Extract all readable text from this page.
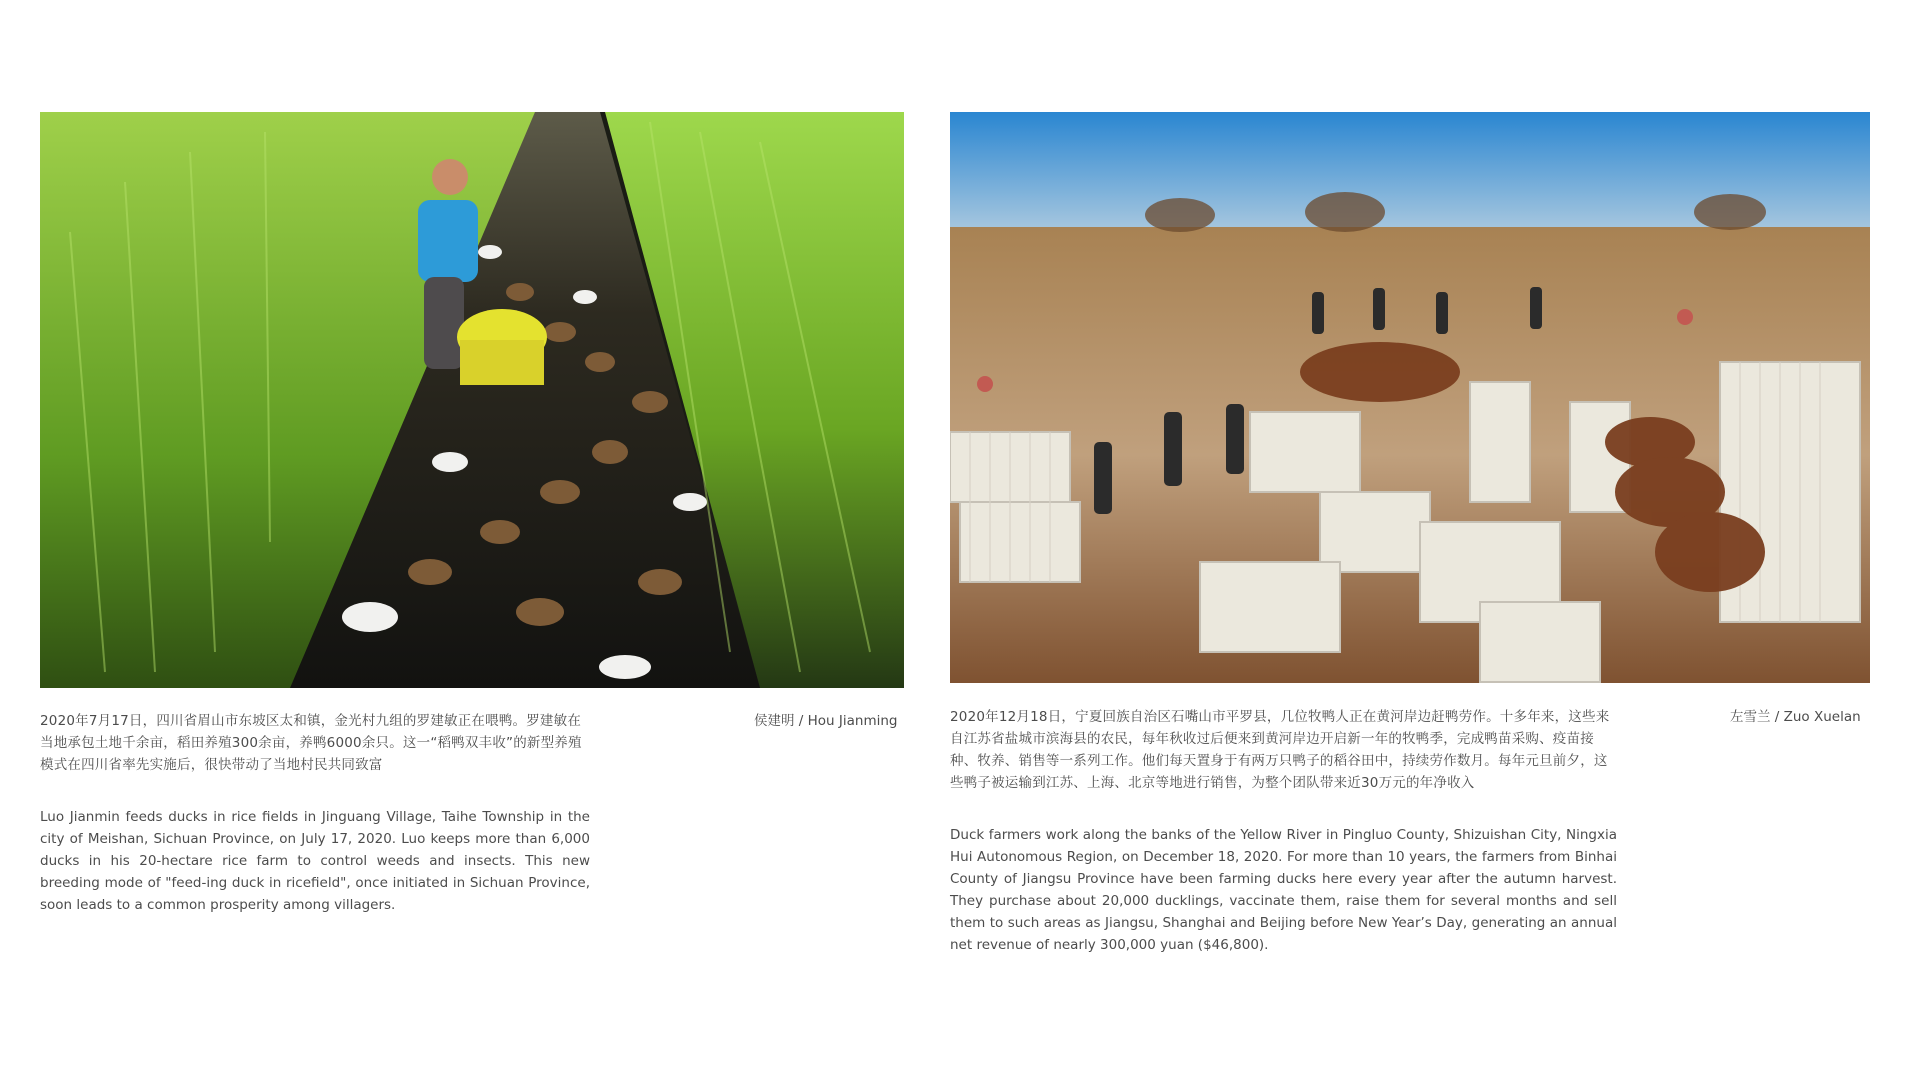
2020年7月17日，四川省眉山市东坡区太和镇，金光村九组的罗建敏正在喂鸭。罗建敏在当地承包土地千余亩，稻田养殖300余亩，养鸭6000余只。这一“稻鸭双丰收”的新型养殖模式在四川省率先实施后，很快带动了当地村民共同致富

侯建明 / Hou Jianming

Luo Jianmin feeds ducks in rice fields in Jinguang Village, Taihe Township in the city of Meishan, Sichuan Province, on July 17, 2020. Luo keeps more than 6,000 ducks in his 20-hectare rice farm to control weeds and insects. This new breeding mode of "feed-ing duck in ricefield", once initiated in Sichuan Province, soon leads to a common prosperity among villagers.

2020年12月18日，宁夏回族自治区石嘴山市平罗县，几位牧鸭人正在黄河岸边赶鸭劳作。十多年来，这些来自江苏省盐城市滨海县的农民，每年秋收过后便来到黄河岸边开启新一年的牧鸭季，完成鸭苗采购、疫苗接种、牧养、销售等一系列工作。他们每天置身于有两万只鸭子的稻谷田中，持续劳作数月。每年元旦前夕，这些鸭子被运输到江苏、上海、北京等地进行销售，为整个团队带来近30万元的年净收入

左雪兰 / Zuo Xuelan

Duck farmers work along the banks of the Yellow River in Pingluo County, Shizuishan City, Ningxia Hui Autonomous Region, on December 18, 2020. For more than 10 years, the farmers from Binhai County of Jiangsu Province have been farming ducks here every year after the autumn harvest. They purchase about 20,000 ducklings, vaccinate them, raise them for several months and sell them to such areas as Jiangsu, Shanghai and Beijing before New Year’s Day, generating an annual net revenue of nearly 300,000 yuan ($46,800).
